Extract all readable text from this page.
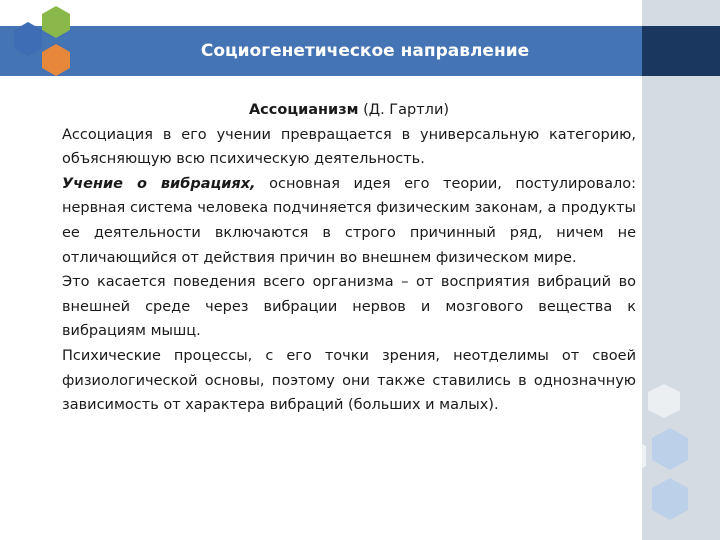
Социогенетическое направление

Ассоцианизм (Д. Гартли)

Ассоциация в его учении превращается в универсальную категорию, объясняющую всю психическую деятельность.

Учение о вибрациях, основная идея его теории, постулировало: нервная система человека подчиняется физическим законам, а продукты ее деятельности включаются в строго причинный ряд, ничем не отличающийся от действия причин во внешнем физическом мире.

Это касается поведения всего организма – от восприятия вибраций во внешней среде через вибрации нервов и мозгового вещества к вибрациям мышц.

Психические процессы, с его точки зрения, неотделимы от своей физиологической основы, поэтому они также ставились в однозначную зависимость от характера вибраций (больших и малых).
